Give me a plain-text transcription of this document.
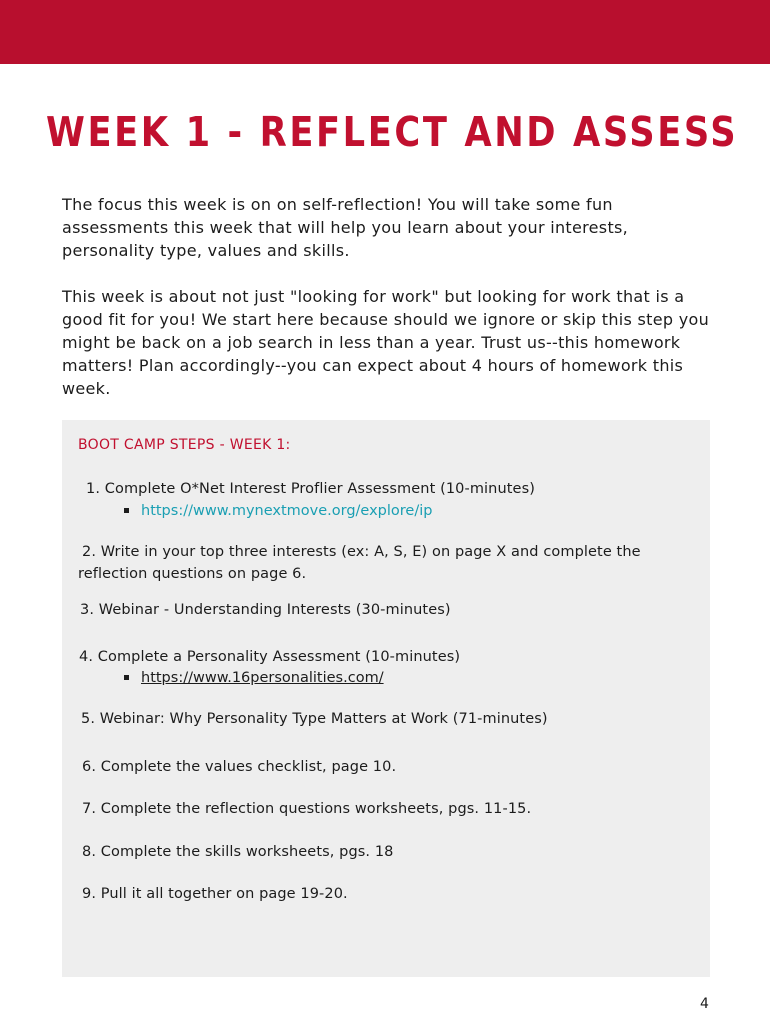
WEEK 1 - REFLECT AND ASSESS

The focus this week is on on self-reflection! You will take some fun assessments this week that will help you learn about your interests, personality type, values and skills.

This week is about not just "looking for work" but looking for work that is a good fit for you! We start here because should we ignore or skip this step you might be back on a job search in less than a year. Trust us--this homework matters! Plan accordingly--you can expect about 4 hours of homework this week.

BOOT CAMP STEPS - WEEK 1:
1. Complete O*Net Interest Proflier Assessment (10-minutes)
https://www.mynextmove.org/explore/ip
2. Write in your top three interests (ex: A, S, E) on page X and complete the
reflection questions on page 6.
3. Webinar - Understanding Interests (30-minutes)
4. Complete a Personality Assessment (10-minutes)
https://www.16personalities.com/
5. Webinar: Why Personality Type Matters at Work (71-minutes)
6. Complete the values checklist, page 10.
7. Complete the reflection questions worksheets, pgs. 11-15.
8. Complete the skills worksheets, pgs. 18
9. Pull it all together on page 19-20.
4
